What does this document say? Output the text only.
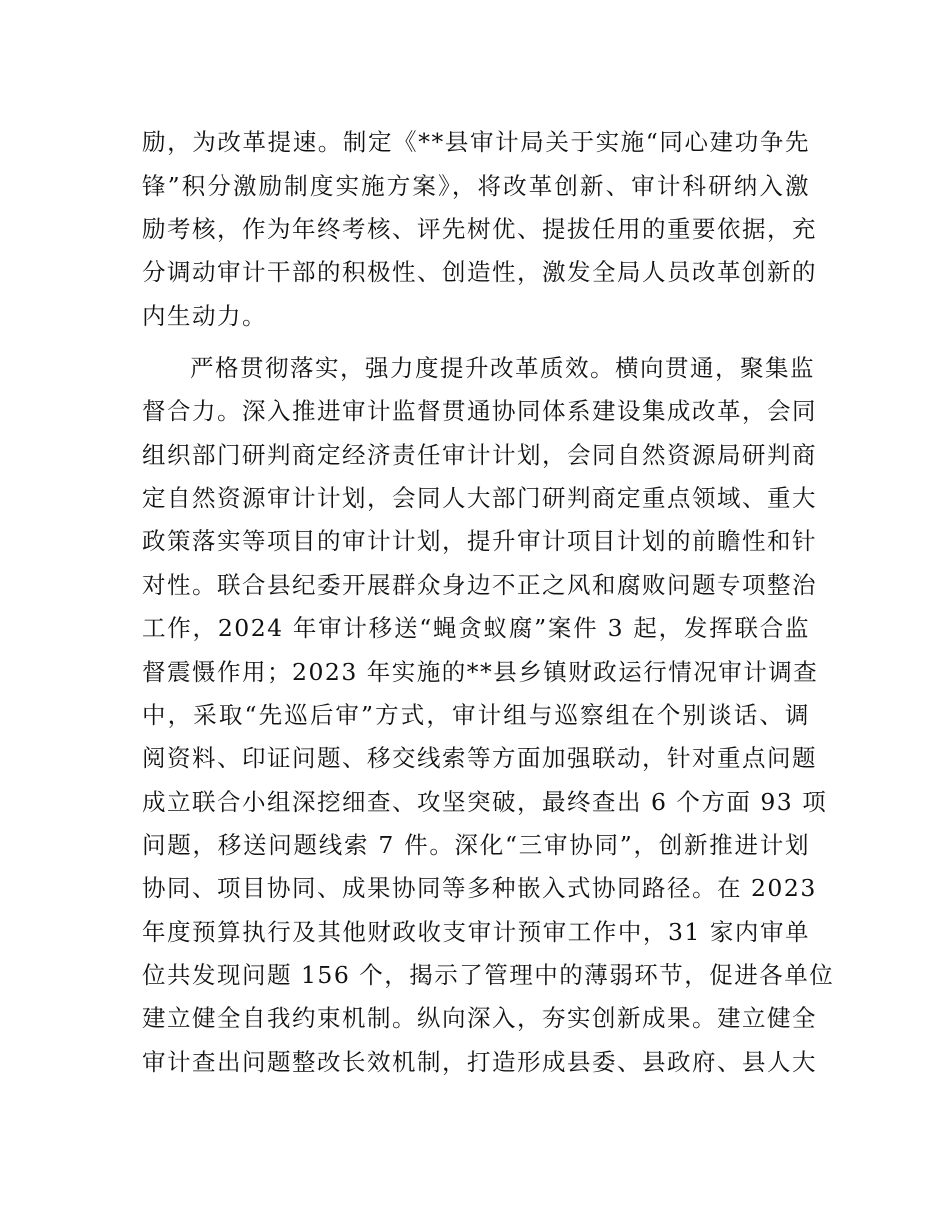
励，为改革提速。制定《**县审计局关于实施“同心建功争先
锋”积分激励制度实施方案》，将改革创新、审计科研纳入激
励考核，作为年终考核、评先树优、提拔任用的重要依据，充
分调动审计干部的积极性、创造性，激发全局人员改革创新的
内生动力。
严格贯彻落实，强力度提升改革质效。横向贯通，聚集监
督合力。深入推进审计监督贯通协同体系建设集成改革，会同
组织部门研判商定经济责任审计计划，会同自然资源局研判商
定自然资源审计计划，会同人大部门研判商定重点领域、重大
政策落实等项目的审计计划，提升审计项目计划的前瞻性和针
对性。联合县纪委开展群众身边不正之风和腐败问题专项整治
工作，2024 年审计移送“蝇贪蚁腐”案件 3 起，发挥联合监
督震慑作用；2023 年实施的**县乡镇财政运行情况审计调查
中，采取“先巡后审”方式，审计组与巡察组在个别谈话、调
阅资料、印证问题、移交线索等方面加强联动，针对重点问题
成立联合小组深挖细查、攻坚突破，最终查出 6 个方面 93 项
问题，移送问题线索 7 件。深化“三审协同”，创新推进计划
协同、项目协同、成果协同等多种嵌入式协同路径。在 2023
年度预算执行及其他财政收支审计预审工作中，31 家内审单
位共发现问题 156 个，揭示了管理中的薄弱环节，促进各单位
建立健全自我约束机制。纵向深入，夯实创新成果。建立健全
审计查出问题整改长效机制，打造形成县委、县政府、县人大
